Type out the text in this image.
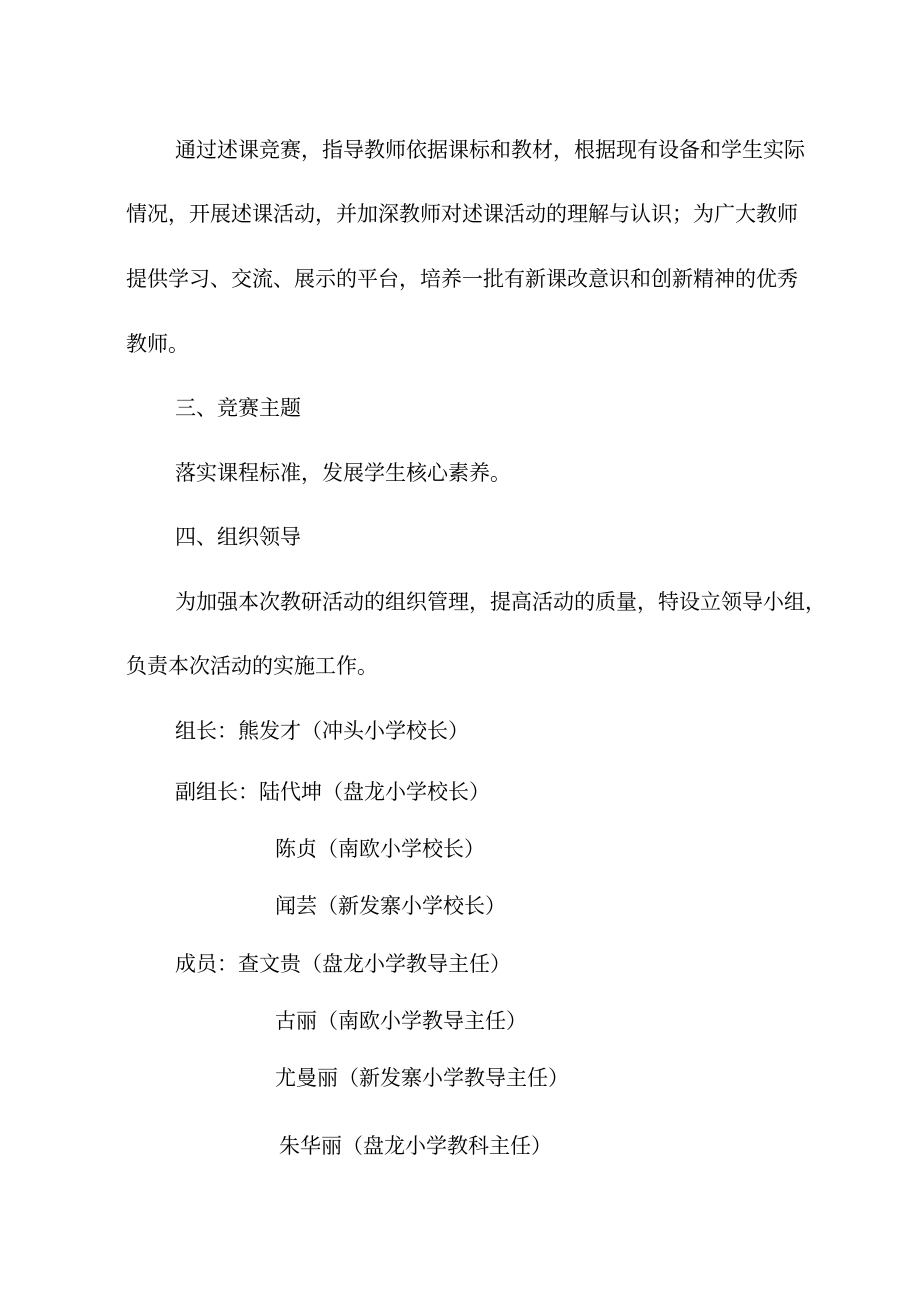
通过述课竞赛，指导教师依据课标和教材，根据现有设备和学生实际

情况，开展述课活动，并加深教师对述课活动的理解与认识；为广大教师

提供学习、交流、展示的平台，培养一批有新课改意识和创新精神的优秀

教师。

三、竞赛主题

落实课程标准，发展学生核心素养。

四、组织领导

为加强本次教研活动的组织管理，提高活动的质量，特设立领导小组，

负责本次活动的实施工作。

组长：熊发才（冲头小学校长）

副组长：陆代坤（盘龙小学校长）

陈贞（南欧小学校长）

闻芸（新发寨小学校长）

成员：查文贵（盘龙小学教导主任）

古丽（南欧小学教导主任）

尤曼丽（新发寨小学教导主任）

朱华丽（盘龙小学教科主任）
